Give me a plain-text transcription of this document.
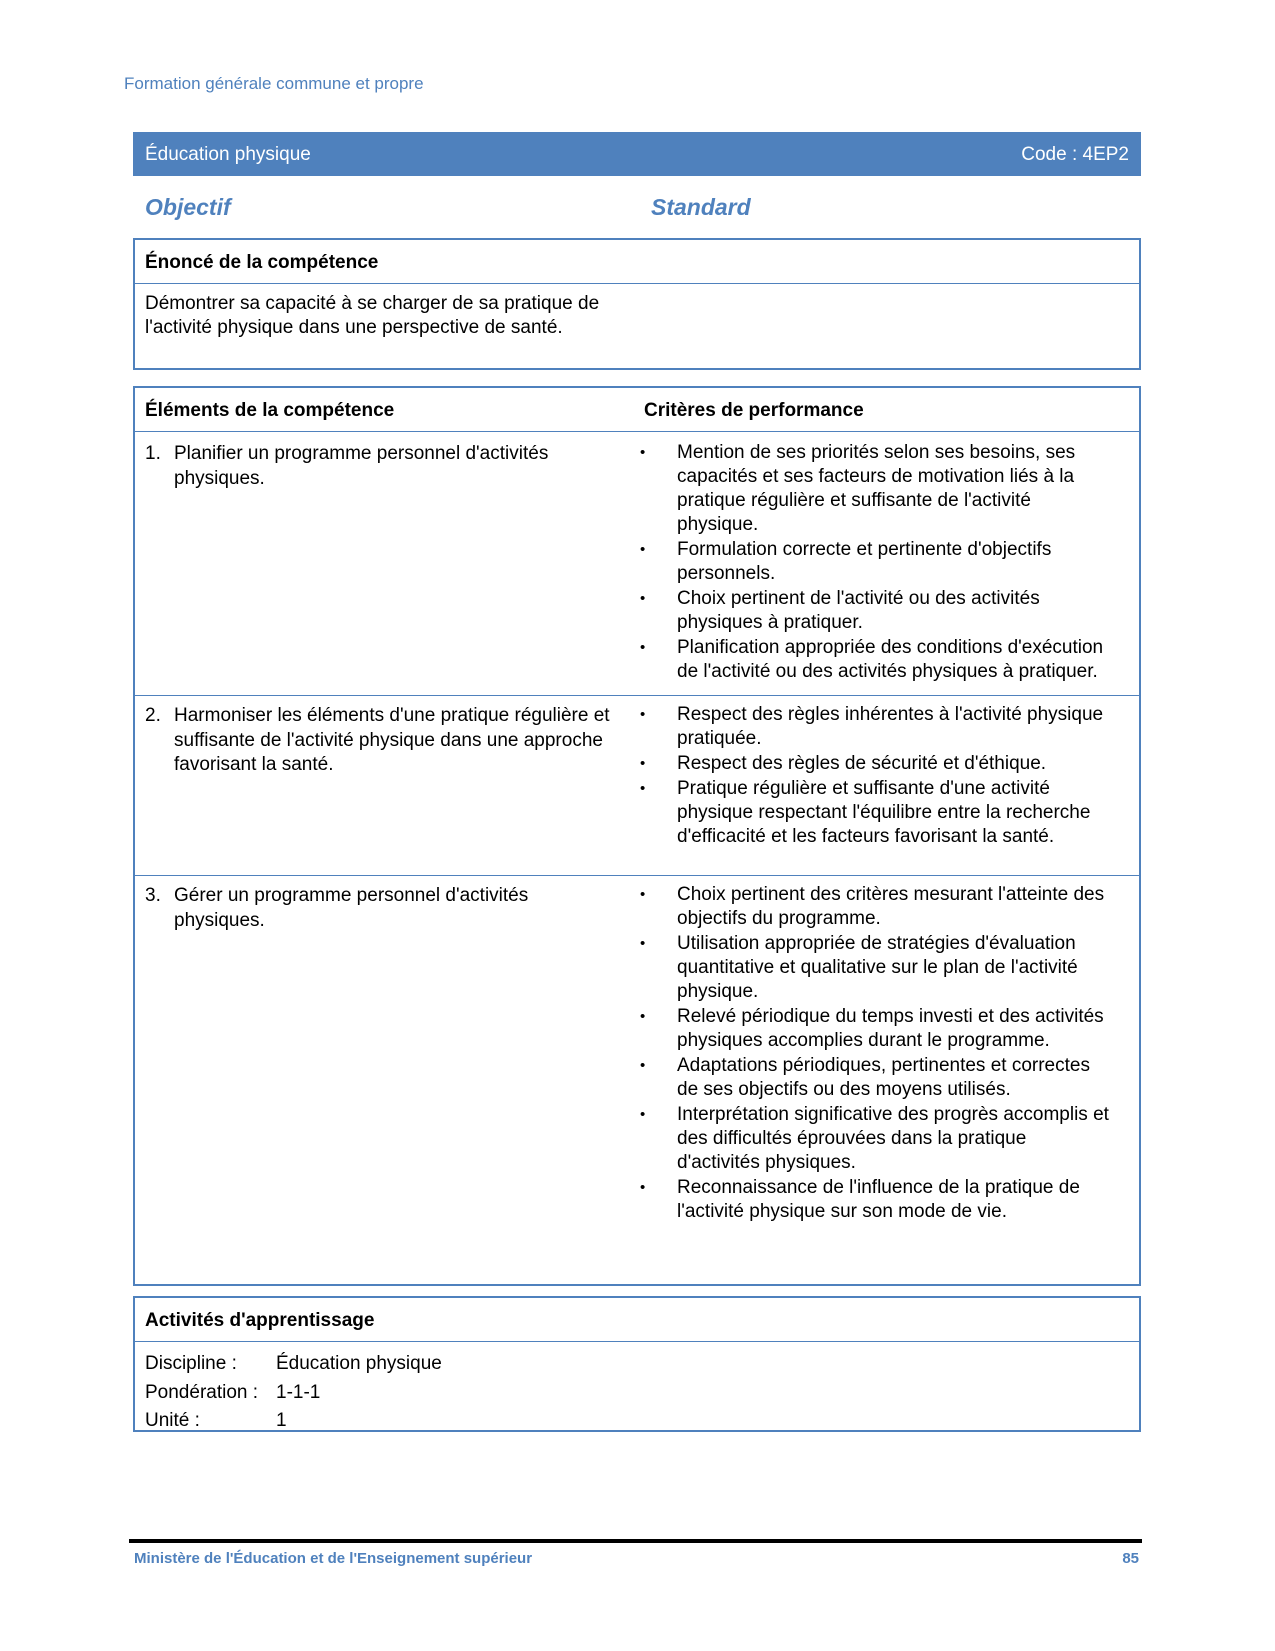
Formation générale commune et propre
Éducation physique	Code : 4EP2
Objectif	Standard
Énoncé de la compétence
Démontrer sa capacité à se charger de sa pratique de l'activité physique dans une perspective de santé.
Éléments de la compétence	Critères de performance
1. Planifier un programme personnel d'activités physiques.
• Mention de ses priorités selon ses besoins, ses capacités et ses facteurs de motivation liés à la pratique régulière et suffisante de l'activité physique.
• Formulation correcte et pertinente d'objectifs personnels.
• Choix pertinent de l'activité ou des activités physiques à pratiquer.
• Planification appropriée des conditions d'exécution de l'activité ou des activités physiques à pratiquer.
2. Harmoniser les éléments d'une pratique régulière et suffisante de l'activité physique dans une approche favorisant la santé.
• Respect des règles inhérentes à l'activité physique pratiquée.
• Respect des règles de sécurité et d'éthique.
• Pratique régulière et suffisante d'une activité physique respectant l'équilibre entre la recherche d'efficacité et les facteurs favorisant la santé.
3. Gérer un programme personnel d'activités physiques.
• Choix pertinent des critères mesurant l'atteinte des objectifs du programme.
• Utilisation appropriée de stratégies d'évaluation quantitative et qualitative sur le plan de l'activité physique.
• Relevé périodique du temps investi et des activités physiques accomplies durant le programme.
• Adaptations périodiques, pertinentes et correctes de ses objectifs ou des moyens utilisés.
• Interprétation significative des progrès accomplis et des difficultés éprouvées dans la pratique d'activités physiques.
• Reconnaissance de l'influence de la pratique de l'activité physique sur son mode de vie.
Activités d'apprentissage
Discipline : Éducation physique
Pondération : 1-1-1
Unité :	1
Ministère de l'Éducation et de l'Enseignement supérieur	85
